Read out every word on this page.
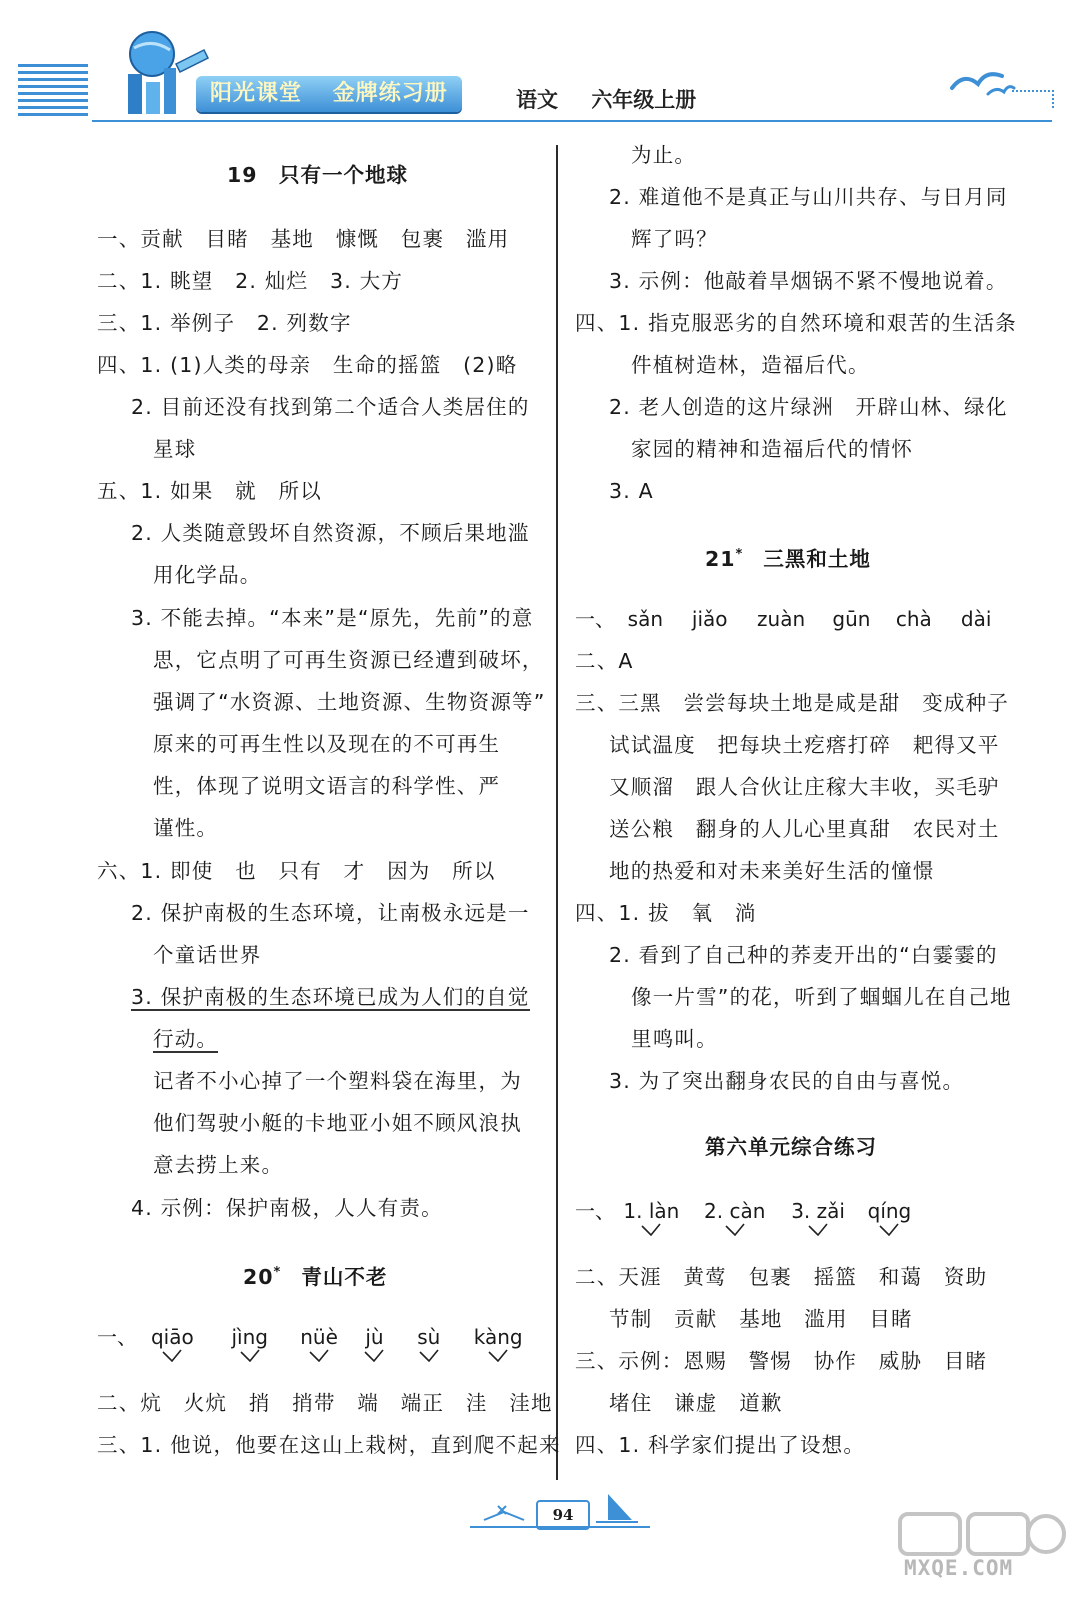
阳光课堂 金牌练习册	语文 六年级上册
19　只有一个地球
一、贡献　目睹　基地　慷慨　包裹　滥用
二、1. 眺望　2. 灿烂　3. 大方
三、1. 举例子　2. 列数字
四、1. (1)人类的母亲　生命的摇篮　(2)略
2. 目前还没有找到第二个适合人类居住的
星球
五、1. 如果　就　所以
2. 人类随意毁坏自然资源，不顾后果地滥
用化学品。
3. 不能去掉。“本来”是“原先，先前”的意
思，它点明了可再生资源已经遭到破坏，
强调了“水资源、土地资源、生物资源等”
原来的可再生性以及现在的不可再生
性，体现了说明文语言的科学性、严
谨性。
六、1. 即使　也　只有　才　因为　所以
2. 保护南极的生态环境，让南极永远是一
个童话世界
3. 保护南极的生态环境已成为人们的自觉
行动。
记者不小心掉了一个塑料袋在海里，为
他们驾驶小艇的卡地亚小姐不顾风浪执
意去捞上来。
4. 示例：保护南极，人人有责。
20* 青山不老
一、 qiāo jìng nüè jù sù kàng
二、炕　火炕　捎　捎带　端　端正　洼　洼地
三、1. 他说，他要在这山上栽树，直到爬不起来
为止。
2. 难道他不是真正与山川共存、与日月同
辉了吗？
3. 示例：他敲着旱烟锅不紧不慢地说着。
四、1. 指克服恶劣的自然环境和艰苦的生活条
件植树造林，造福后代。
2. 老人创造的这片绿洲　开辟山林、绿化
家园的精神和造福后代的情怀
3. A
21* 三黑和土地
一、 sǎn jiǎo zuàn gūn chà dài
二、A
三、三黑　尝尝每块土地是咸是甜　变成种子
试试温度　把每块土疙瘩打碎　耙得又平
又顺溜　跟人合伙让庄稼大丰收，买毛驴
送公粮　翻身的人儿心里真甜　农民对土
地的热爱和对未来美好生活的憧憬
四、1. 拔　氧　淌
2. 看到了自己种的荞麦开出的“白霎霎的
像一片雪”的花，听到了蝈蝈儿在自己地
里鸣叫。
3. 为了突出翻身农民的自由与喜悦。
第六单元综合练习
一、 1. làn 2. càn 3. zǎi qíng
二、天涯　黄莺　包裹　摇篮　和蔼　资助
节制　贡献　基地　滥用　目睹
三、示例：恩赐　警惕　协作　威胁　目睹
堵住　谦虚　道歉
四、1. 科学家们提出了设想。
94
MXQE.COM
